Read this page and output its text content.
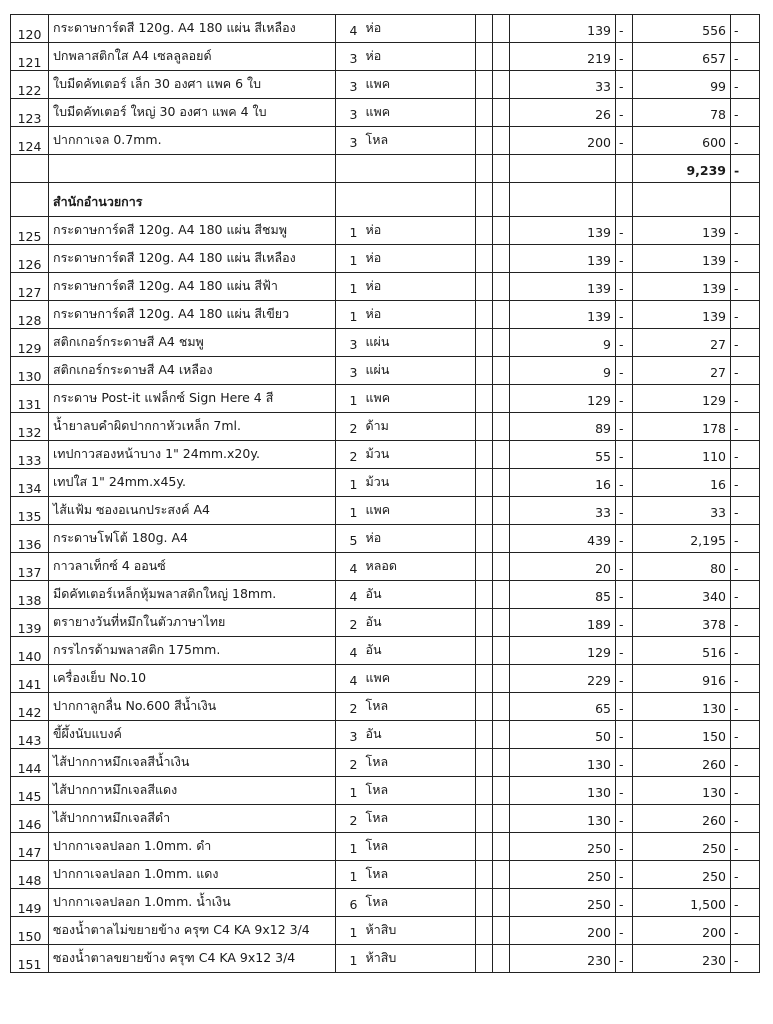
120	กระดาษการ์ดสี 120g. A4 180 แผ่น สีเหลือง	4	ห่อ			139	-	556	-
121	ปกพลาสติกใส A4 เซลลูลอยด์	3	ห่อ			219	-	657	-
122	ใบมีดคัทเตอร์ เล็ก 30 องศา แพค 6 ใบ	3	แพค			33	-	99	-
123	ใบมีดคัทเตอร์ ใหญ่ 30 องศา แพค 4 ใบ	3	แพค			26	-	78	-
124	ปากกาเจล 0.7mm.	3	โหล			200	-	600	-
								9,239	-
	สำนักอำนวยการ								
125	กระดาษการ์ดสี 120g. A4 180 แผ่น สีชมพู	1	ห่อ			139	-	139	-
126	กระดาษการ์ดสี 120g. A4 180 แผ่น สีเหลือง	1	ห่อ			139	-	139	-
127	กระดาษการ์ดสี 120g. A4 180 แผ่น สีฟ้า	1	ห่อ			139	-	139	-
128	กระดาษการ์ดสี 120g. A4 180 แผ่น สีเขียว	1	ห่อ			139	-	139	-
129	สติกเกอร์กระดาษสี A4 ชมพู	3	แผ่น			9	-	27	-
130	สติกเกอร์กระดาษสี A4 เหลือง	3	แผ่น			9	-	27	-
131	กระดาษ Post-it แฟล็กซ์ Sign Here 4 สี	1	แพค			129	-	129	-
132	น้ำยาลบคำผิดปากกาหัวเหล็ก 7ml.	2	ด้าม			89	-	178	-
133	เทปกาวสองหน้าบาง 1" 24mm.x20y.	2	ม้วน			55	-	110	-
134	เทปใส 1" 24mm.x45y.	1	ม้วน			16	-	16	-
135	ไส้แฟ้ม ซองอเนกประสงค์ A4	1	แพค			33	-	33	-
136	กระดาษโฟโต้ 180g. A4	5	ห่อ			439	-	2,195	-
137	กาวลาเท็กซ์ 4 ออนซ์	4	หลอด			20	-	80	-
138	มีดคัทเตอร์เหล็กหุ้มพลาสติกใหญ่ 18mm.	4	อัน			85	-	340	-
139	ตรายางวันที่หมึกในตัวภาษาไทย	2	อัน			189	-	378	-
140	กรรไกรด้ามพลาสติก 175mm.	4	อัน			129	-	516	-
141	เครื่องเย็บ No.10	4	แพค			229	-	916	-
142	ปากกาลูกลื่น No.600 สีน้ำเงิน	2	โหล			65	-	130	-
143	ขี้ผึ้งนับแบงค์	3	อัน			50	-	150	-
144	ไส้ปากกาหมึกเจลสีน้ำเงิน	2	โหล			130	-	260	-
145	ไส้ปากกาหมึกเจลสีแดง	1	โหล			130	-	130	-
146	ไส้ปากกาหมึกเจลสีดำ	2	โหล			130	-	260	-
147	ปากกาเจลปลอก 1.0mm. ดำ	1	โหล			250	-	250	-
148	ปากกาเจลปลอก 1.0mm. แดง	1	โหล			250	-	250	-
149	ปากกาเจลปลอก 1.0mm. น้ำเงิน	6	โหล			250	-	1,500	-
150	ซองน้ำตาลไม่ขยายข้าง ครุฑ C4 KA 9x12 3/4	1	ห้าสิบ			200	-	200	-
151	ซองน้ำตาลขยายข้าง ครุฑ C4 KA 9x12 3/4	1	ห้าสิบ			230	-	230	-
